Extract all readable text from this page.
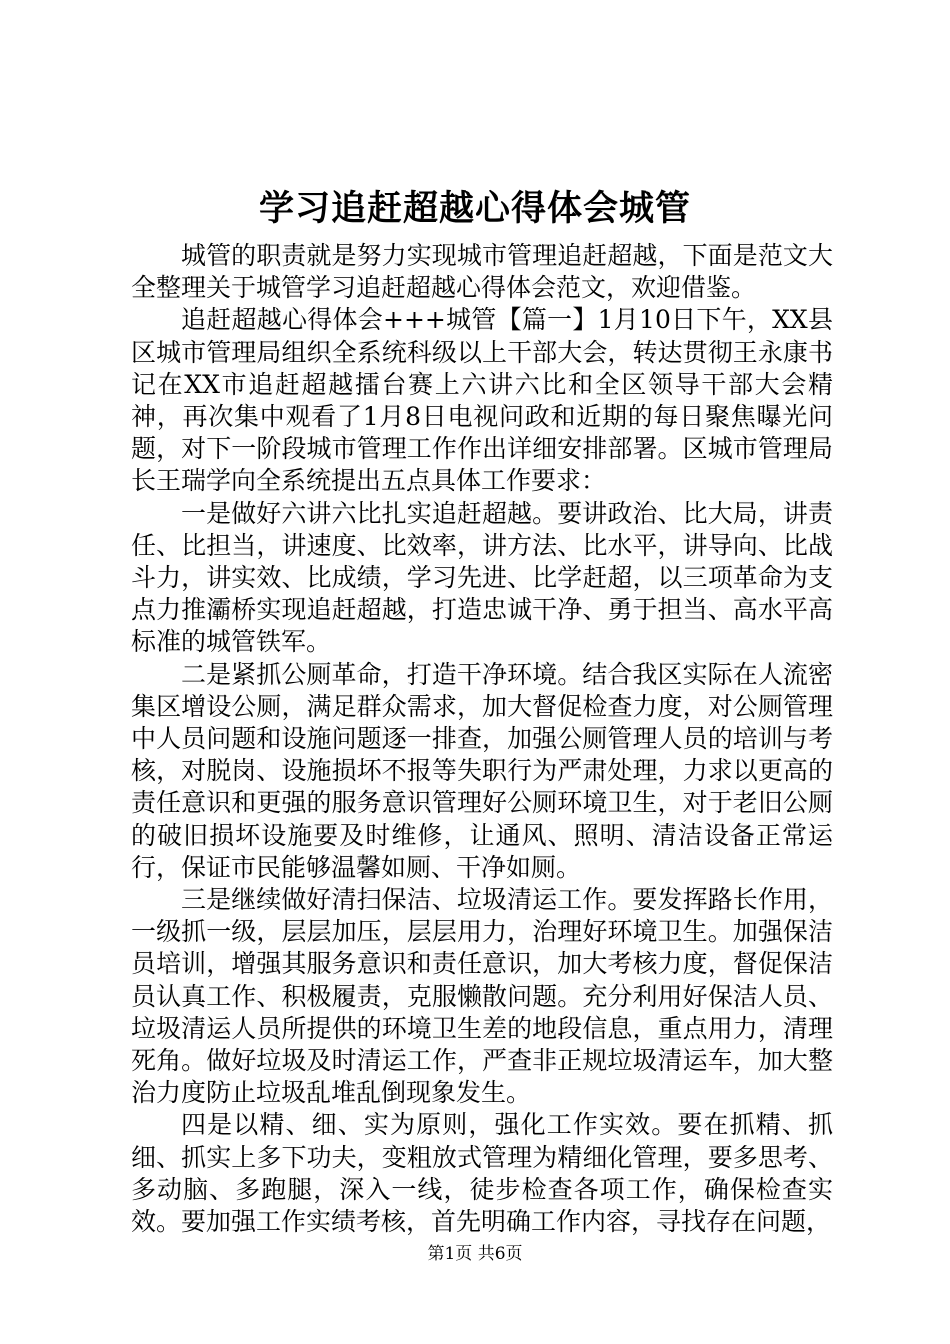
学习追赶超越心得体会城管

城管的职责就是努力实现城市管理追赶超越，下面是范文大全整理关于城管学习追赶超越心得体会范文，欢迎借鉴。

追赶超越心得体会+++城管【篇一】1月10日下午，XX县区城市管理局组织全系统科级以上干部大会，转达贯彻王永康书记在XX市追赶超越擂台赛上六讲六比和全区领导干部大会精神，再次集中观看了1月8日电视问政和近期的每日聚焦曝光问题，对下一阶段城市管理工作作出详细安排部署。区城市管理局长王瑞学向全系统提出五点具体工作要求：

一是做好六讲六比扎实追赶超越。要讲政治、比大局，讲责任、比担当，讲速度、比效率，讲方法、比水平，讲导向、比战斗力，讲实效、比成绩，学习先进、比学赶超，以三项革命为支点力推灞桥实现追赶超越，打造忠诚干净、勇于担当、高水平高标准的城管铁军。

二是紧抓公厕革命，打造干净环境。结合我区实际在人流密集区增设公厕，满足群众需求，加大督促检查力度，对公厕管理中人员问题和设施问题逐一排查，加强公厕管理人员的培训与考核，对脱岗、设施损坏不报等失职行为严肃处理，力求以更高的责任意识和更强的服务意识管理好公厕环境卫生，对于老旧公厕的破旧损坏设施要及时维修，让通风、照明、清洁设备正常运行，保证市民能够温馨如厕、干净如厕。

三是继续做好清扫保洁、垃圾清运工作。要发挥路长作用，一级抓一级，层层加压，层层用力，治理好环境卫生。加强保洁员培训，增强其服务意识和责任意识，加大考核力度，督促保洁员认真工作、积极履责，克服懒散问题。充分利用好保洁人员、垃圾清运人员所提供的环境卫生差的地段信息，重点用力，清理死角。做好垃圾及时清运工作，严查非正规垃圾清运车，加大整治力度防止垃圾乱堆乱倒现象发生。

四是以精、细、实为原则，强化工作实效。要在抓精、抓细、抓实上多下功夫，变粗放式管理为精细化管理，要多思考、多动脑、多跑腿，深入一线，徒步检查各项工作，确保检查实效。要加强工作实绩考核，首先明确工作内容，寻找存在问题，

第1页 共6页
